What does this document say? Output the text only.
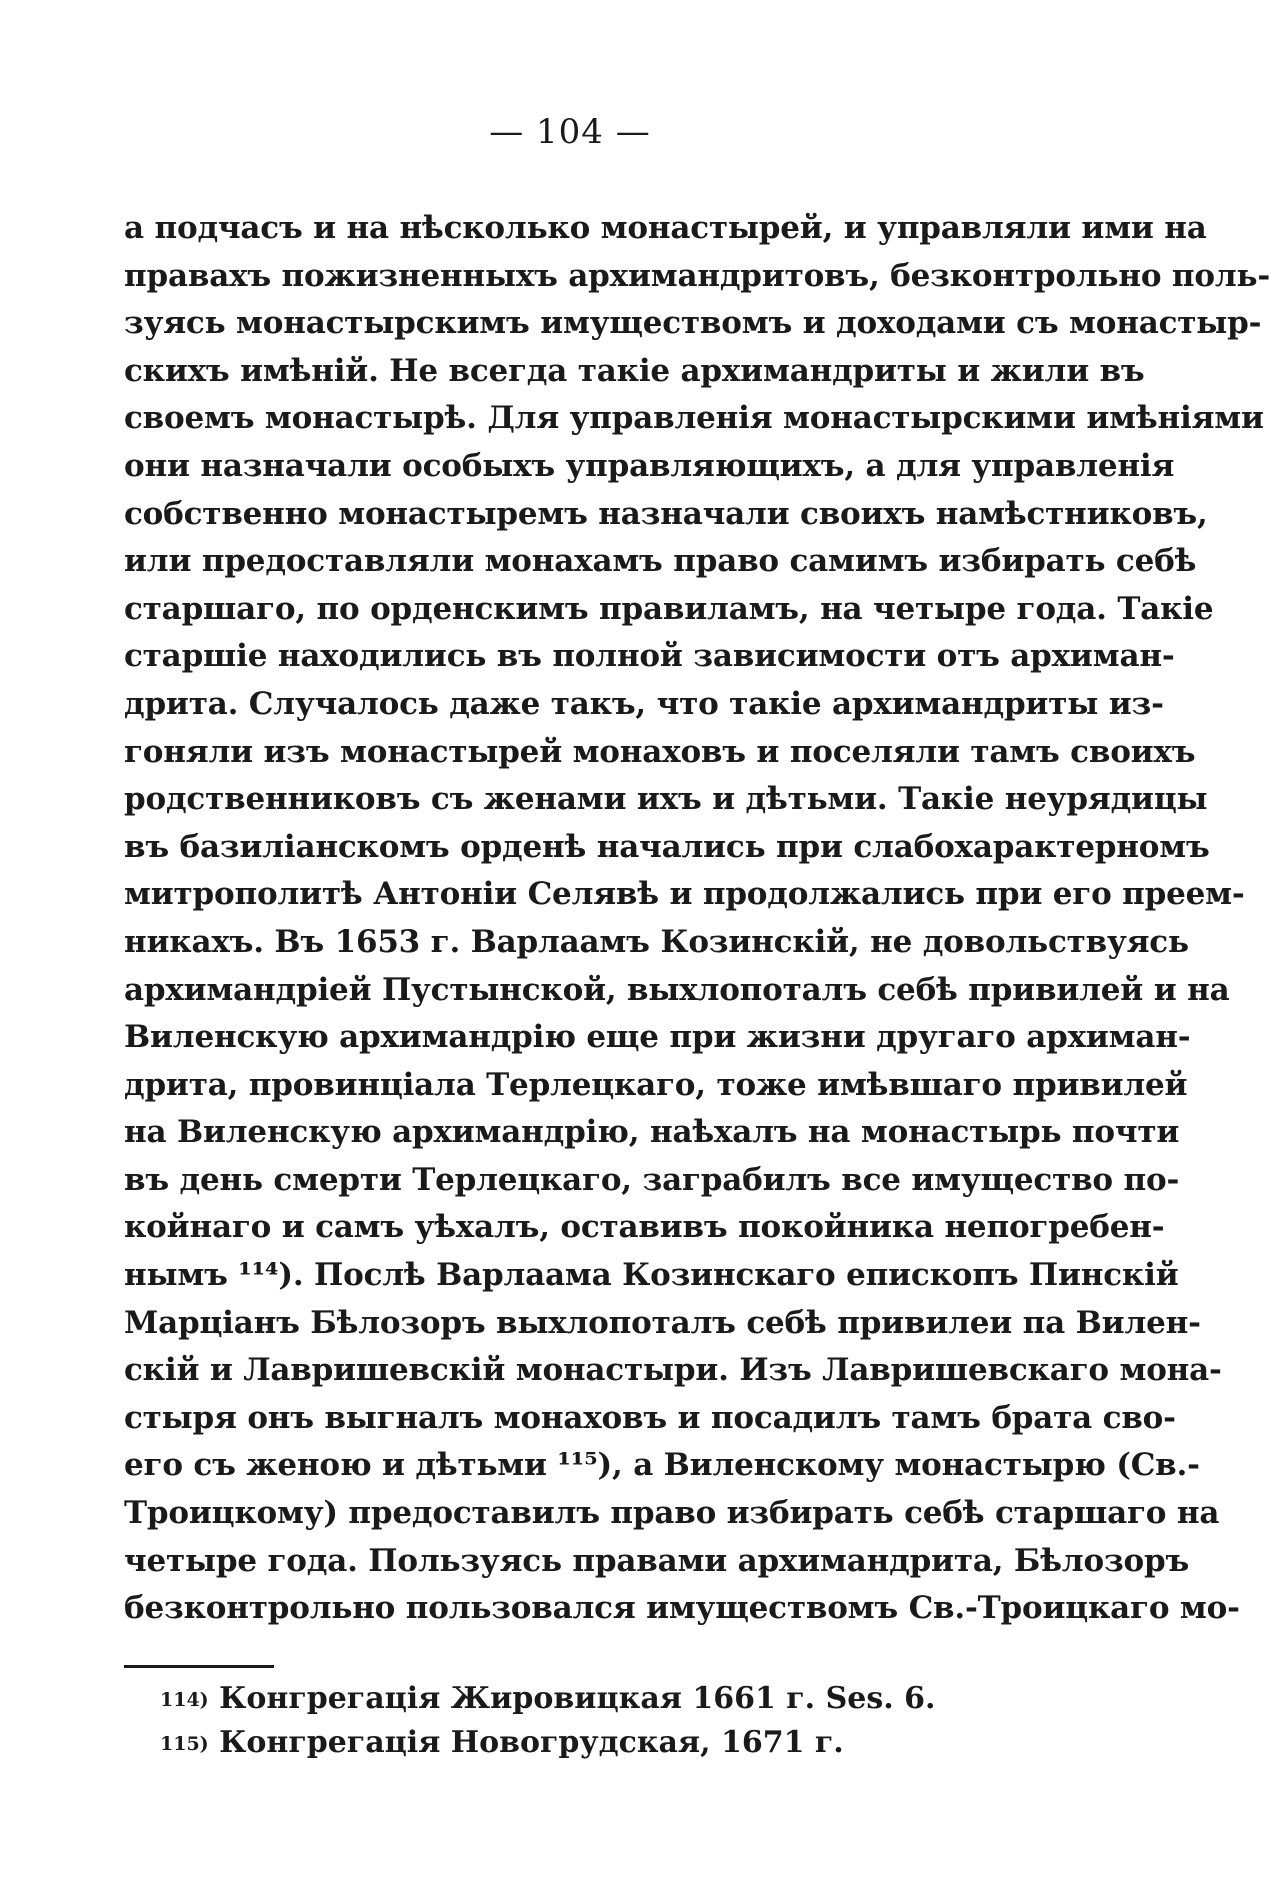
— 104 —
а подчасъ и на нѣсколько монастырей, и управляли ими на
правахъ пожизненныхъ архимандритовъ, безконтрольно поль-
зуясь монастырскимъ имуществомъ и доходами съ монастыр-
скихъ имѣній. Не всегда такіе архимандриты и жили въ
своемъ монастырѣ. Для управленія монастырскими имѣніями
они назначали особыхъ управляющихъ, а для управленія
собственно монастыремъ назначали своихъ намѣстниковъ,
или предоставляли монахамъ право самимъ избирать себѣ
старшаго, по орденскимъ правиламъ, на четыре года. Такіе
старшіе находились въ полной зависимости отъ архиман-
дрита. Случалось даже такъ, что такіе архимандриты из-
гоняли изъ монастырей монаховъ и поселяли тамъ своихъ
родственниковъ съ женами ихъ и дѣтьми. Такіе неурядицы
въ базиліанскомъ орденѣ начались при слабохарактерномъ
митрополитѣ Антоніи Селявѣ и продолжались при его преем-
никахъ. Въ 1653 г. Варлаамъ Козинскій, не довольствуясь
архимандріей Пустынской, выхлопоталъ себѣ привилей и на
Виленскую архимандрію еще при жизни другаго архиман-
дрита, провинціала Терлецкаго, тоже имѣвшаго привилей
на Виленскую архимандрію, наѣхалъ на монастырь почти
въ день смерти Терлецкаго, заграбилъ все имущество по-
койнаго и самъ уѣхалъ, оставивъ покойника непогребен-
нымъ ¹¹⁴). Послѣ Варлаама Козинскаго епископъ Пинскій
Марціанъ Бѣлозоръ выхлопоталъ себѣ привилеи па Вилен-
скій и Лавришевскій монастыри. Изъ Лавришевскаго мона-
стыря онъ выгналъ монаховъ и посадилъ тамъ брата сво-
его съ женою и дѣтьми ¹¹⁵), а Виленскому монастырю (Св.-
Троицкому) предоставилъ право избирать себѣ старшаго на
четыре года. Пользуясь правами архимандрита, Бѣлозоръ
безконтрольно пользовался имуществомъ Св.-Троицкаго мо-
114) Конгрегація Жировицкая 1661 г. Ses. 6.
115) Конгрегація Новогрудская, 1671 г.
